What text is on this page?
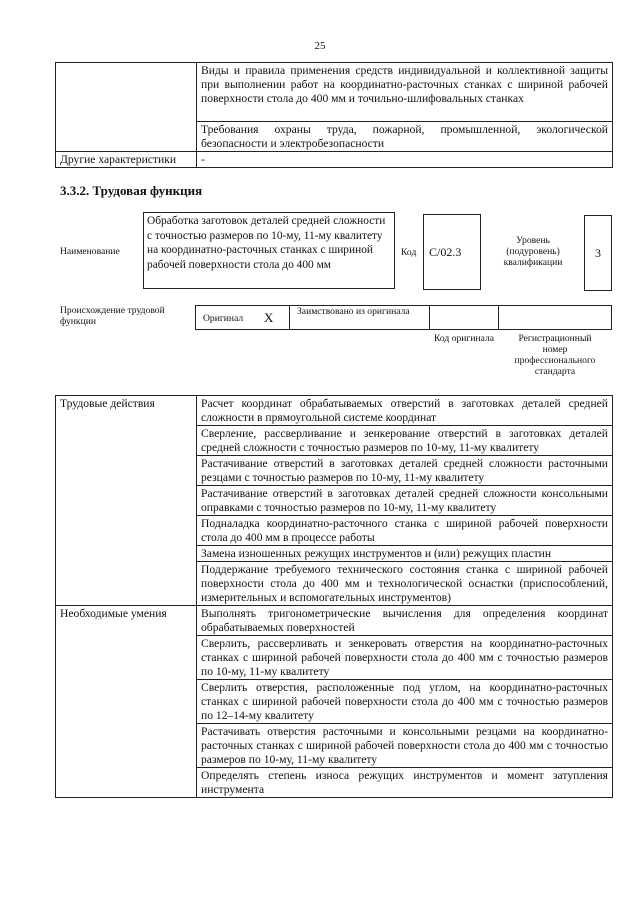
25
	Виды и правила применения средств индивидуальной и коллективной защиты при выполнении работ на координатно-расточных станках с шириной рабочей поверхности стола до 400 мм и точильно-шлифовальных станках
	Требования охраны труда, пожарной, промышленной, экологической безопасности и электробезопасности
Другие характеристики	-
3.3.2. Трудовая функция
Наименование
Обработка заготовок деталей средней сложности с точностью размеров по 10-му, 11-му квалитету на координатно-расточных станках с шириной рабочей поверхности стола до 400 мм
Код	C/02.3
Уровень (подуровень) квалификации
3
Происхождение трудовой функции	Оригинал X Заимствовано из оригинала
Код оригинала	Регистрационный номер профессионального стандарта
Трудовые действия	Расчет координат обрабатываемых отверстий в заготовках деталей средней сложности в прямоугольной системе координат
	Сверление, рассверливание и зенкерование отверстий в заготовках деталей средней сложности с точностью размеров по 10-му, 11-му квалитету
	Растачивание отверстий в заготовках деталей средней сложности расточными резцами с точностью размеров по 10-му, 11-му квалитету
	Растачивание отверстий в заготовках деталей средней сложности консольными оправками с точностью размеров по 10-му, 11-му квалитету
	Подналадка координатно-расточного станка с шириной рабочей поверхности стола до 400 мм в процессе работы
	Замена изношенных режущих инструментов и (или) режущих пластин
	Поддержание требуемого технического состояния станка с шириной рабочей поверхности стола до 400 мм и технологической оснастки (приспособлений, измерительных и вспомогательных инструментов)
Необходимые умения	Выполнять тригонометрические вычисления для определения координат обрабатываемых поверхностей
	Сверлить, рассверливать и зенкеровать отверстия на координатно-расточных станках с шириной рабочей поверхности стола до 400 мм с точностью размеров по 10-му, 11-му квалитету
	Сверлить отверстия, расположенные под углом, на координатно-расточных станках с шириной рабочей поверхности стола до 400 мм с точностью размеров по 12–14-му квалитету
	Растачивать отверстия расточными и консольными резцами на координатно-расточных станках с шириной рабочей поверхности стола до 400 мм с точностью размеров по 10-му, 11-му квалитету
	Определять степень износа режущих инструментов и момент затупления инструмента
